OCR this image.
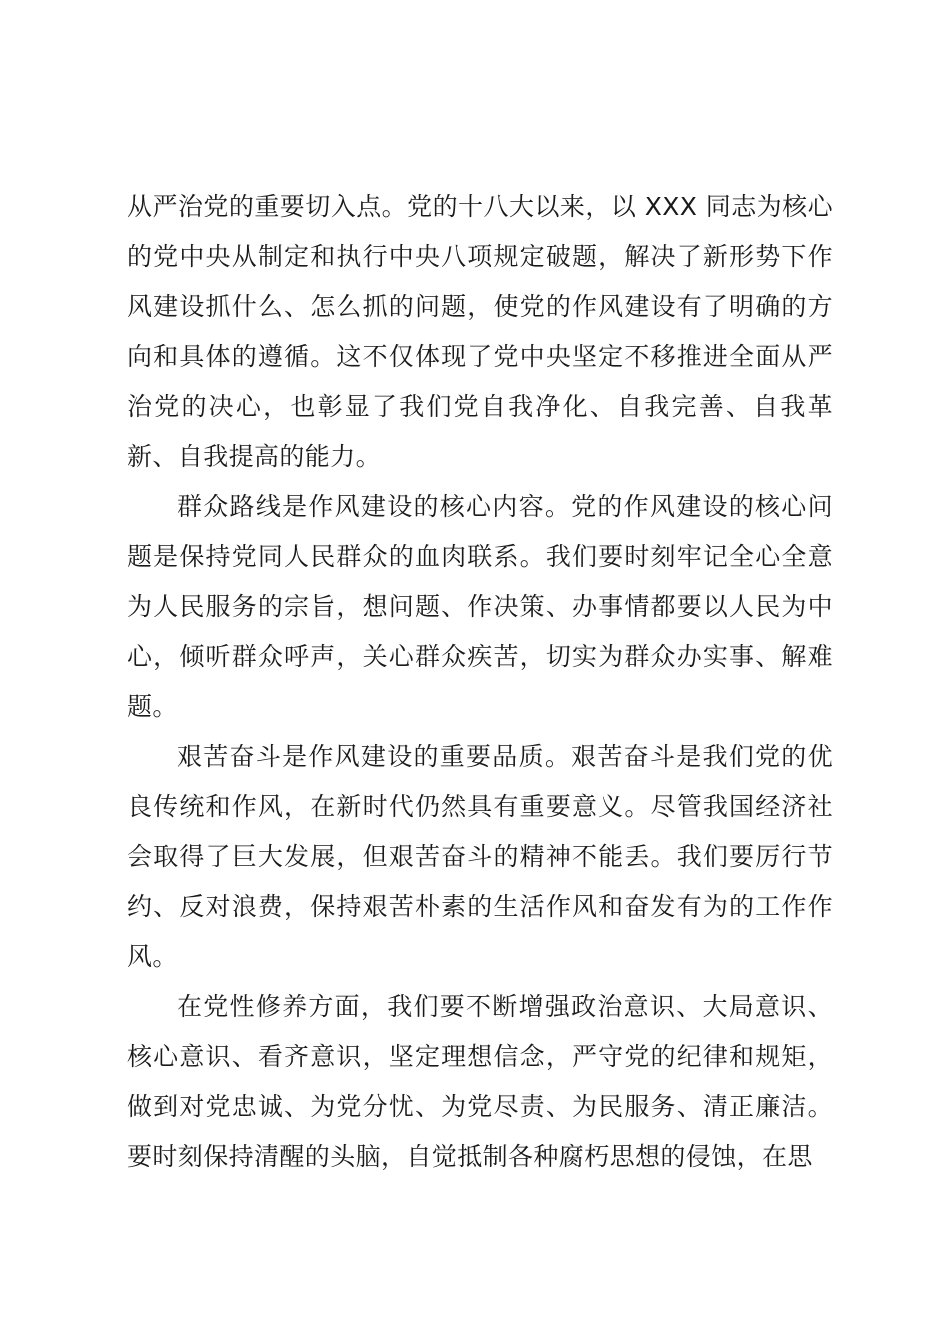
从严治党的重要切入点。党的十八大以来，以 XXX 同志为核心的党中央从制定和执行中央八项规定破题，解决了新形势下作风建设抓什么、怎么抓的问题，使党的作风建设有了明确的方向和具体的遵循。这不仅体现了党中央坚定不移推进全面从严治党的决心，也彰显了我们党自我净化、自我完善、自我革新、自我提高的能力。

群众路线是作风建设的核心内容。党的作风建设的核心问题是保持党同人民群众的血肉联系。我们要时刻牢记全心全意为人民服务的宗旨，想问题、作决策、办事情都要以人民为中心，倾听群众呼声，关心群众疾苦，切实为群众办实事、解难题。

艰苦奋斗是作风建设的重要品质。艰苦奋斗是我们党的优良传统和作风，在新时代仍然具有重要意义。尽管我国经济社会取得了巨大发展，但艰苦奋斗的精神不能丢。我们要厉行节约、反对浪费，保持艰苦朴素的生活作风和奋发有为的工作作风。

在党性修养方面，我们要不断增强政治意识、大局意识、核心意识、看齐意识，坚定理想信念，严守党的纪律和规矩，做到对党忠诚、为党分忧、为党尽责、为民服务、清正廉洁。要时刻保持清醒的头脑，自觉抵制各种腐朽思想的侵蚀，在思
